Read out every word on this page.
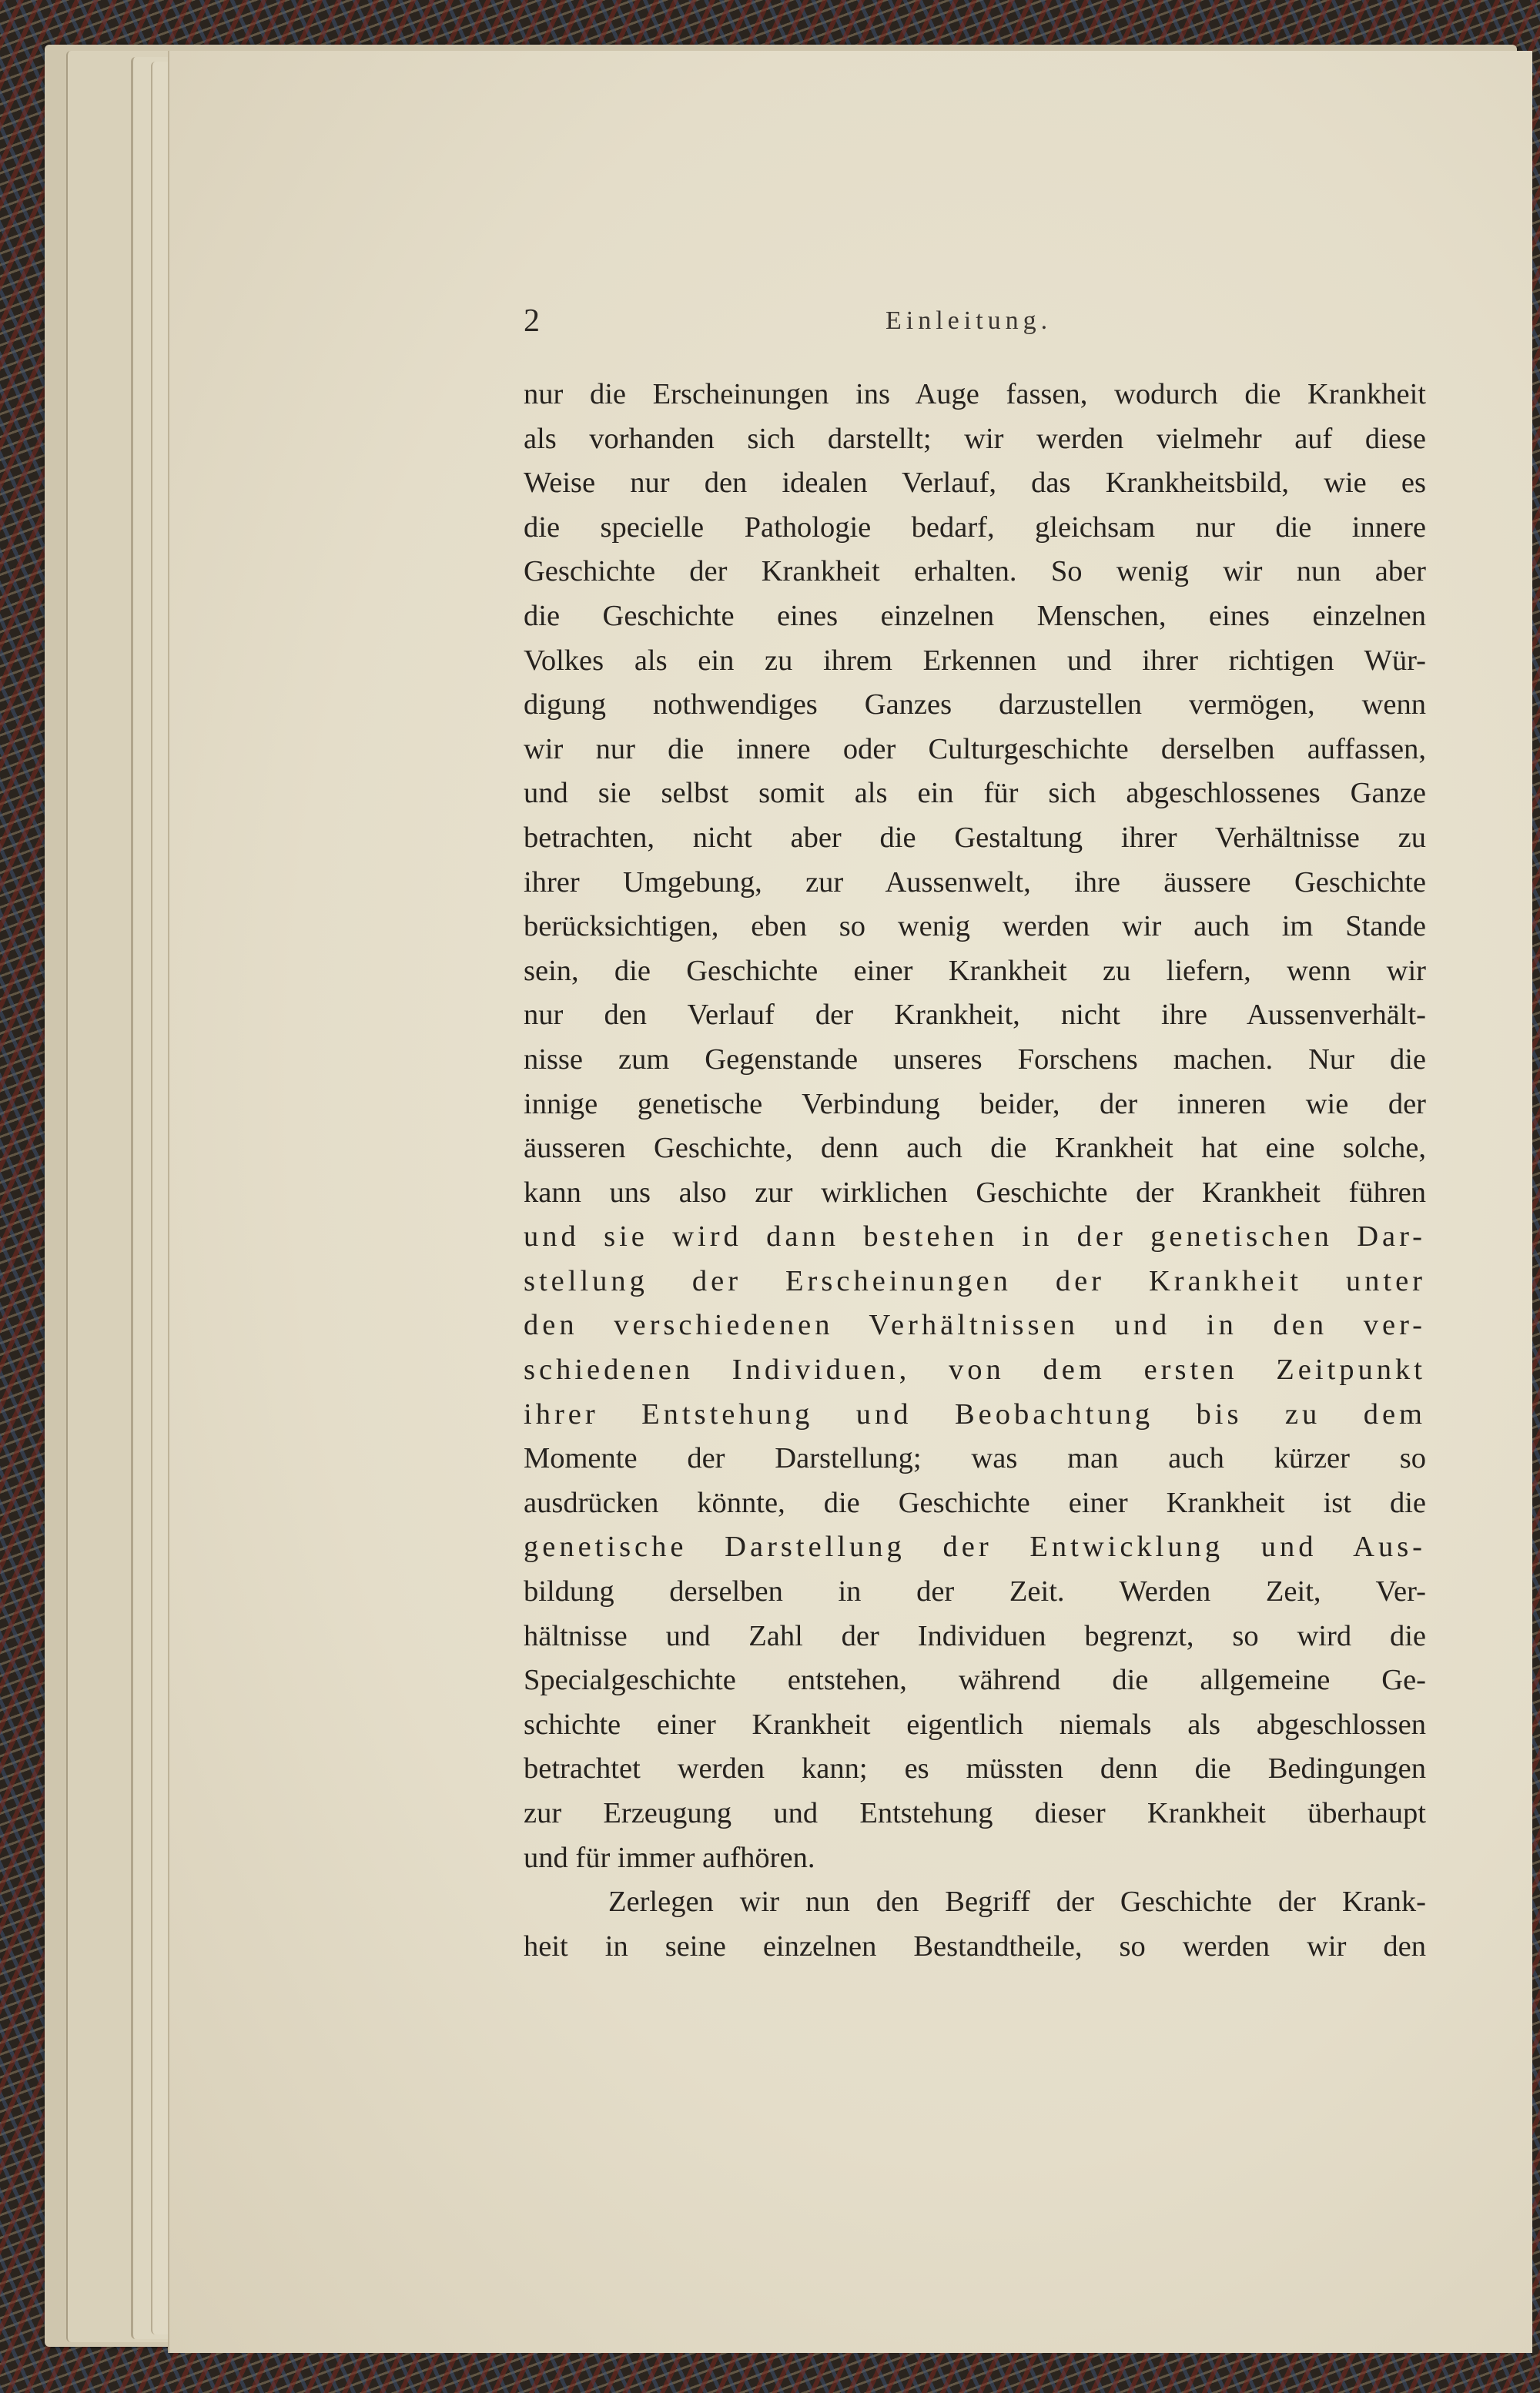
2	Einleitung.
nur die Erscheinungen ins Auge fassen, wodurch die Krankheit
als vorhanden sich darstellt; wir werden vielmehr auf diese
Weise nur den idealen Verlauf, das Krankheitsbild, wie es
die specielle Pathologie bedarf, gleichsam nur die innere
Geschichte der Krankheit erhalten. So wenig wir nun aber
die Geschichte eines einzelnen Menschen, eines einzelnen
Volkes als ein zu ihrem Erkennen und ihrer richtigen Wür-
digung nothwendiges Ganzes darzustellen vermögen, wenn
wir nur die innere oder Culturgeschichte derselben auffassen,
und sie selbst somit als ein für sich abgeschlossenes Ganze
betrachten, nicht aber die Gestaltung ihrer Verhältnisse zu
ihrer Umgebung, zur Aussenwelt, ihre äussere Geschichte
berücksichtigen, eben so wenig werden wir auch im Stande
sein, die Geschichte einer Krankheit zu liefern, wenn wir
nur den Verlauf der Krankheit, nicht ihre Aussenverhält-
nisse zum Gegenstande unseres Forschens machen. Nur die
innige genetische Verbindung beider, der inneren wie der
äusseren Geschichte, denn auch die Krankheit hat eine solche,
kann uns also zur wirklichen Geschichte der Krankheit führen
und sie wird dann bestehen in der genetischen Dar-
stellung der Erscheinungen der Krankheit unter
den verschiedenen Verhältnissen und in den ver-
schiedenen Individuen, von dem ersten Zeitpunkt
ihrer Entstehung und Beobachtung bis zu dem
Momente der Darstellung; was man auch kürzer so
ausdrücken könnte, die Geschichte einer Krankheit ist die
genetische Darstellung der Entwicklung und Aus-
bildung derselben in der Zeit. Werden Zeit, Ver-
hältnisse und Zahl der Individuen begrenzt, so wird die
Specialgeschichte entstehen, während die allgemeine Ge-
schichte einer Krankheit eigentlich niemals als abgeschlossen
betrachtet werden kann; es müssten denn die Bedingungen
zur Erzeugung und Entstehung dieser Krankheit überhaupt
und für immer aufhören.
Zerlegen wir nun den Begriff der Geschichte der Krank-
heit in seine einzelnen Bestandtheile, so werden wir den
